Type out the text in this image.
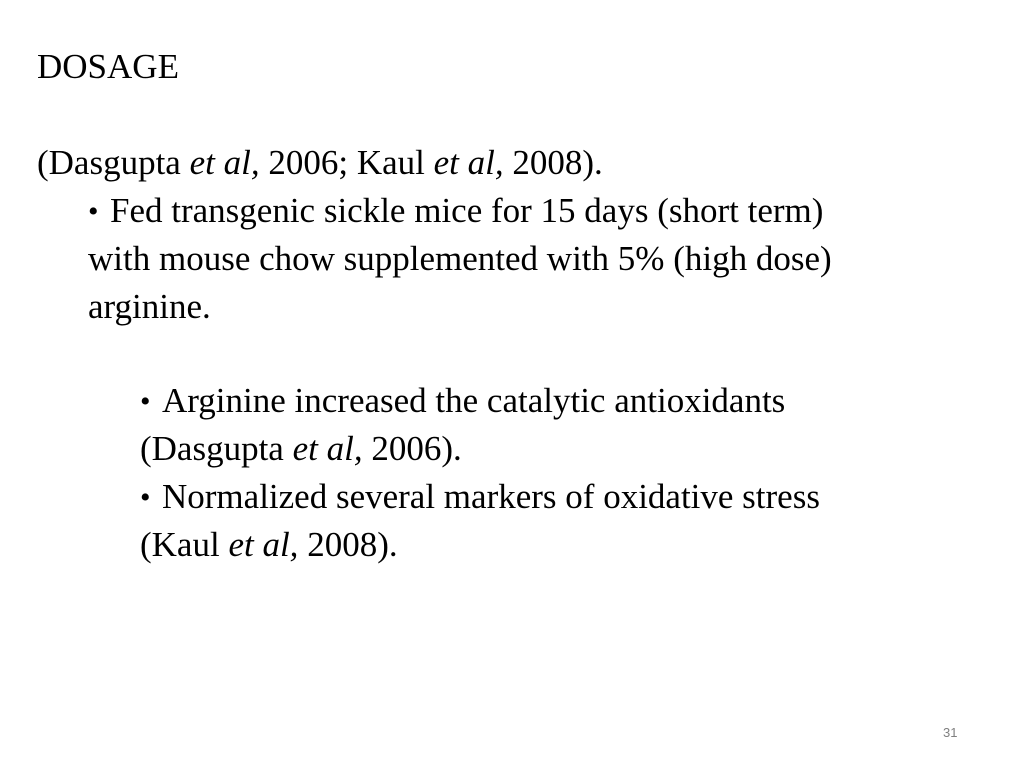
DOSAGE
(Dasgupta et al, 2006; Kaul et al, 2008).
• Fed transgenic sickle mice for 15 days (short term)
with mouse chow supplemented with 5% (high dose)
arginine.
• Arginine increased the catalytic antioxidants
(Dasgupta et al, 2006).
• Normalized several markers of oxidative stress
(Kaul et al, 2008).
31
